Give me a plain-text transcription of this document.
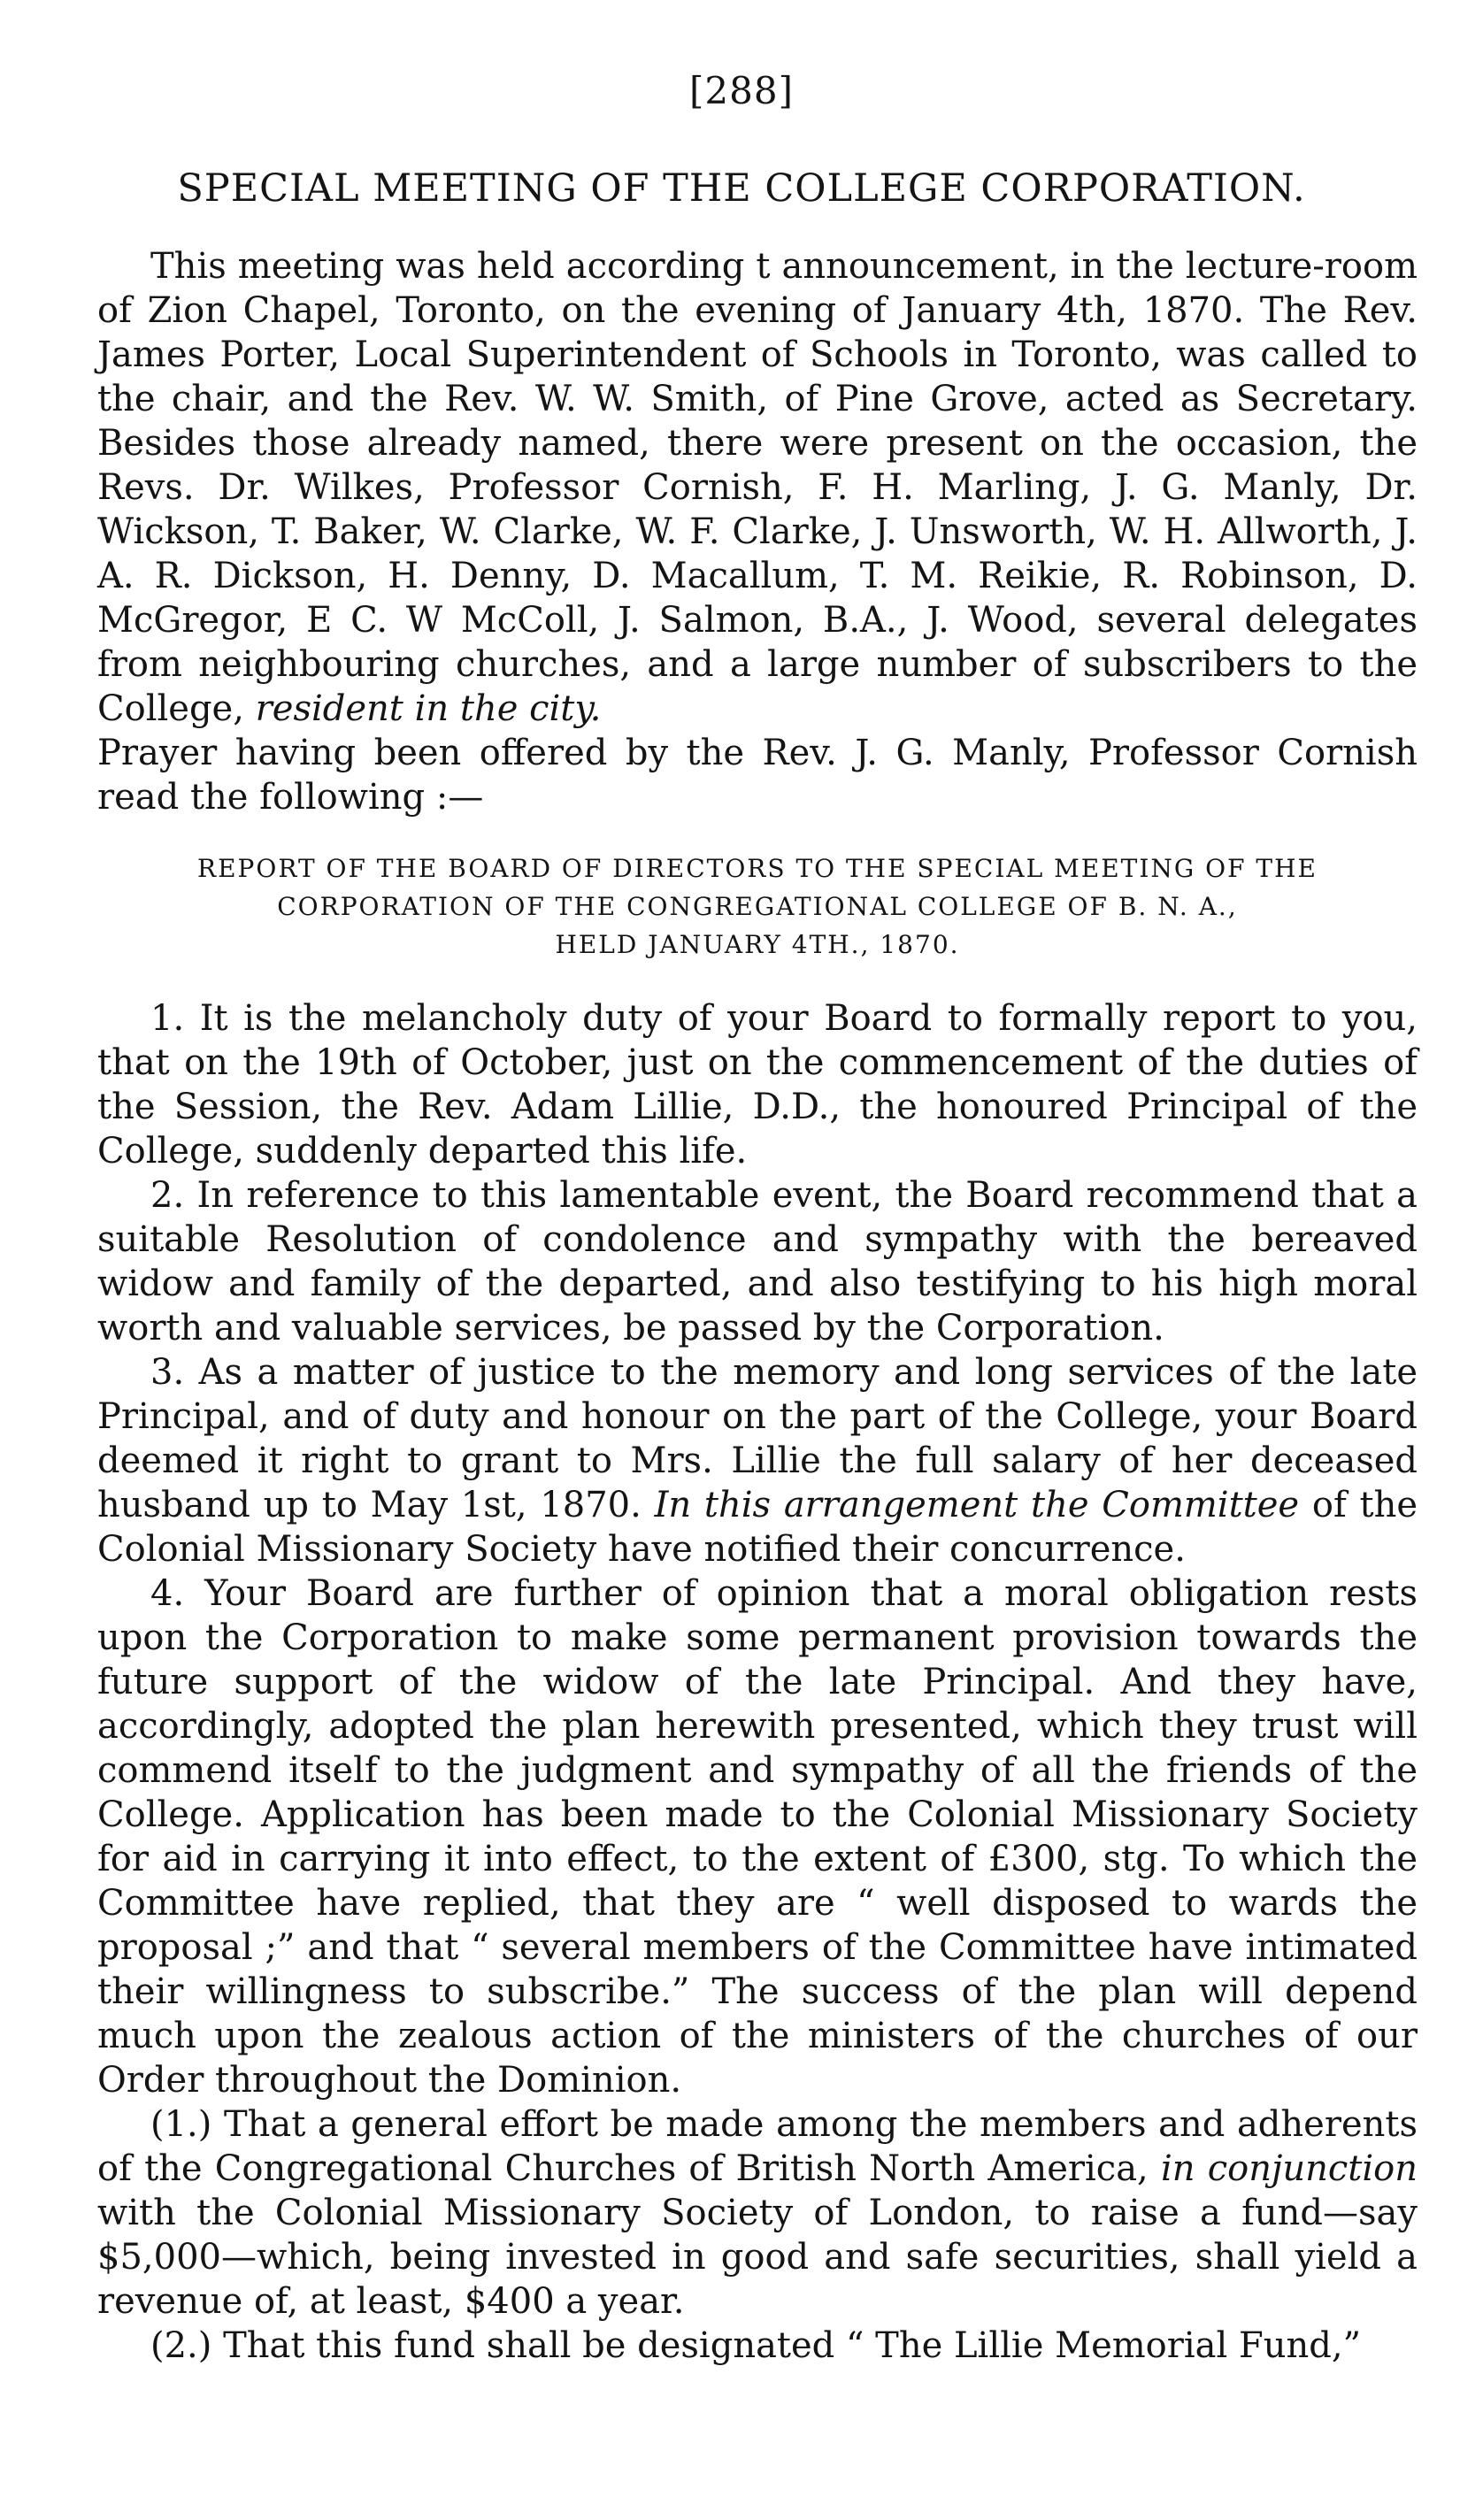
[288]
SPECIAL MEETING OF THE COLLEGE CORPORATION.

This meeting was held according t announcement, in the lecture-room of Zion Chapel, Toronto, on the evening of January 4th, 1870. The Rev. James Porter, Local Superintendent of Schools in Toronto, was called to the chair, and the Rev. W. W. Smith, of Pine Grove, acted as Secretary. Besides those already named, there were present on the occasion, the Revs. Dr. Wilkes, Professor Cornish, F. H. Marling, J. G. Manly, Dr. Wickson, T. Baker, W. Clarke, W. F. Clarke, J. Unsworth, W. H. Allworth, J. A. R. Dickson, H. Denny, D. Macallum, T. M. Reikie, R. Robinson, D. McGregor, E C. W McColl, J. Salmon, B.A., J. Wood, several delegates from neighbouring churches, and a large number of subscribers to the College, resident in the city.

Prayer having been offered by the Rev. J. G. Manly, Professor Cornish read the following :—

REPORT OF THE BOARD OF DIRECTORS TO THE SPECIAL MEETING OF THE
CORPORATION OF THE CONGREGATIONAL COLLEGE OF B. N. A.,
HELD JANUARY 4TH., 1870.

1. It is the melancholy duty of your Board to formally report to you, that on the 19th of October, just on the commencement of the duties of the Session, the Rev. Adam Lillie, D.D., the honoured Principal of the College, suddenly departed this life.

2. In reference to this lamentable event, the Board recommend that a suitable Resolution of condolence and sympathy with the bereaved widow and family of the departed, and also testifying to his high moral worth and valuable services, be passed by the Corporation.

3. As a matter of justice to the memory and long services of the late Principal, and of duty and honour on the part of the College, your Board deemed it right to grant to Mrs. Lillie the full salary of her deceased husband up to May 1st, 1870. In this arrangement the Committee of the Colonial Missionary Society have notified their concurrence.

4. Your Board are further of opinion that a moral obligation rests upon the Corporation to make some permanent provision towards the future support of the widow of the late Principal. And they have, accordingly, adopted the plan herewith presented, which they trust will commend itself to the judgment and sympathy of all the friends of the College. Application has been made to the Colonial Missionary Society for aid in carrying it into effect, to the extent of £300, stg. To which the Committee have replied, that they are “ well disposed to wards the proposal ;” and that “ several members of the Committee have intimated their willingness to subscribe.” The success of the plan will depend much upon the zealous action of the ministers of the churches of our Order throughout the Dominion.

(1.) That a general effort be made among the members and adherents of the Congregational Churches of British North America, in conjunction with the Colonial Missionary Society of London, to raise a fund—say $5,000—which, being invested in good and safe securities, shall yield a revenue of, at least, $400 a year.

(2.) That this fund shall be designated “ The Lillie Memorial Fund,”
